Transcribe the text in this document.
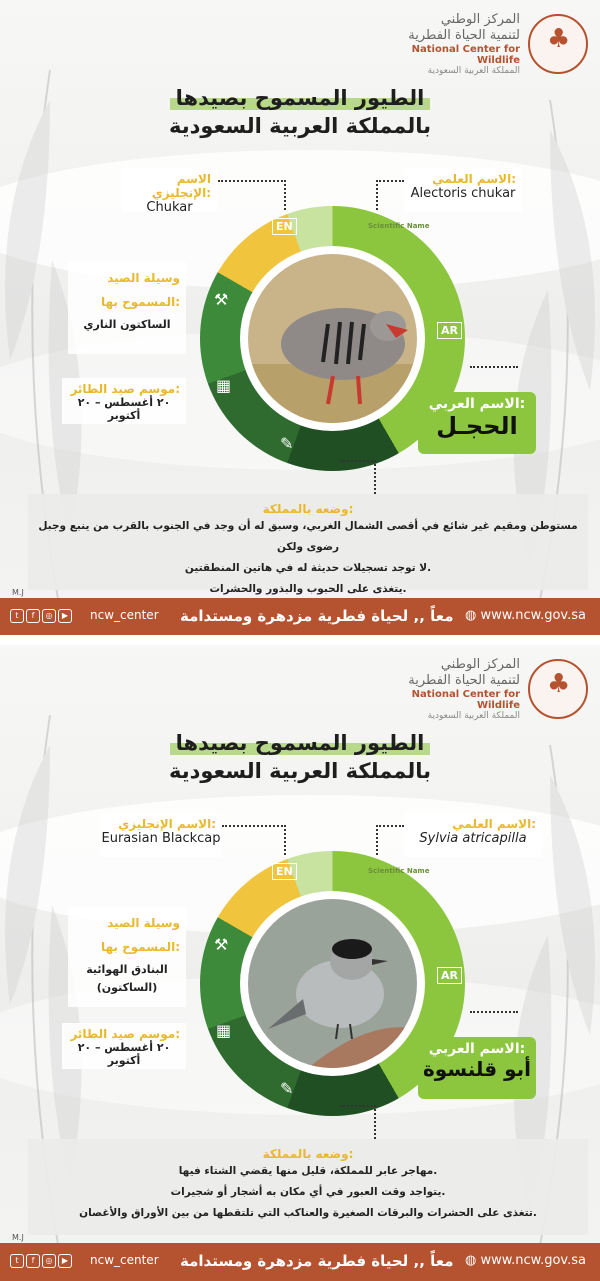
♣
المركز الوطني
لتنمية الحياة الفطرية
National Center for Wildlife
المملكة العربية السعودية
الطيور المسموح بصيدها
بالمملكة العربية السعودية
الاسم الإنجليزي:
Chukar
الاسم العلمي:
Alectoris chukar
وسيلة الصيد المسموح بها:
الساكتون الناري
موسم صيد الطائر:
٢٠ أغسطس – ٢٠ أكتوبر
EN	Scientific Name
AR
⚒
▦
✎
الاسم العربي:
الحجـل
وضعه بالمملكة:
مستوطن ومقيم غير شائع في أقصى الشمال الغربي، وسبق له أن وجد في الجنوب بالقرب من ينبع وجبل رضوى ولكن
لا توجد تسجيلات حديثة له في هاتين المنطقتين.
يتغذى على الحبوب والبذور والحشرات.
M.J
t	f	◎	▶	ncw_center معاً ,, لحياة فطرية مزدهرة ومستدامة ◍ www.ncw.gov.sa
♣
المركز الوطني
لتنمية الحياة الفطرية
National Center for Wildlife
المملكة العربية السعودية
الطيور المسموح بصيدها
بالمملكة العربية السعودية
الاسم الإنجليزي:
Eurasian Blackcap
الاسم العلمي:
Sylvia atricapilla
وسيلة الصيد المسموح بها:
البنادق الهوائية (الساكتون)
موسم صيد الطائر:
٢٠ أغسطس – ٢٠ أكتوبر
EN	Scientific Name
AR
⚒
▦
✎
الاسم العربي:
أبو قلنسوة
وضعه بالمملكة:
مهاجر عابر للمملكة، قليل منها يقضي الشتاء فيها.
يتواجد وقت العبور في أي مكان به أشجار أو شجيرات.
تتغذى على الحشرات والبرقات الصغيرة والعناكب التي تلتقطها من بين الأوراق والأغصان.
M.J
t	f	◎	▶	ncw_center معاً ,, لحياة فطرية مزدهرة ومستدامة ◍ www.ncw.gov.sa
